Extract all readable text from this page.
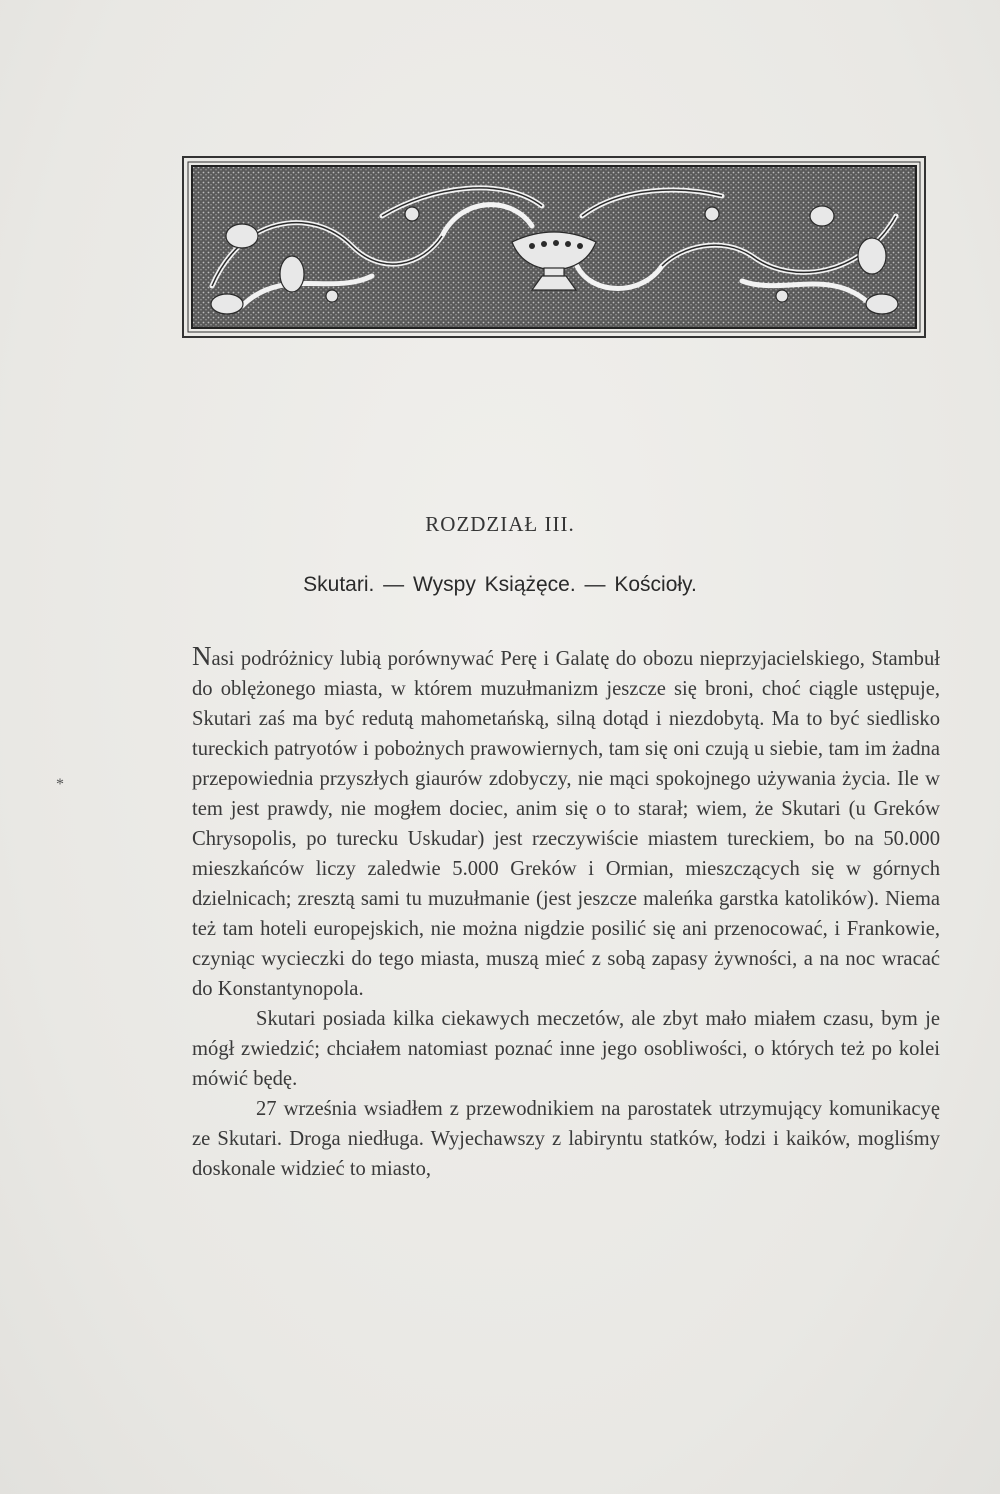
ROZDZIAŁ III.
Skutari. — Wyspy Książęce. — Kościoły.
*

Nasi podróżnicy lubią porównywać Perę i Galatę do obozu nieprzyjacielskiego, Stambuł do oblężonego miasta, w którem muzułmanizm jeszcze się broni, choć ciągle ustępuje, Skutari zaś ma być redutą mahometańską, silną dotąd i niezdobytą. Ma to być siedlisko tureckich patryotów i pobożnych prawowiernych, tam się oni czują u siebie, tam im żadna przepowiednia przyszłych giaurów zdobyczy, nie mąci spokojnego używania życia. Ile w tem jest prawdy, nie mogłem dociec, anim się o to starał; wiem, że Skutari (u Greków Chrysopolis, po turecku Uskudar) jest rzeczywiście miastem tureckiem, bo na 50.000 mieszkańców liczy zaledwie 5.000 Greków i Ormian, mieszczących się w górnych dzielnicach; zresztą sami tu muzułmanie (jest jeszcze maleńka garstka katolików). Niema też tam hoteli europejskich, nie można nigdzie posilić się ani przenocować, i Frankowie, czyniąc wycieczki do tego miasta, muszą mieć z sobą zapasy żywności, a na noc wracać do Konstantynopola.

Skutari posiada kilka ciekawych meczetów, ale zbyt mało miałem czasu, bym je mógł zwiedzić; chciałem natomiast poznać inne jego osobliwości, o których też po kolei mówić będę.

27 września wsiadłem z przewodnikiem na parostatek utrzymujący komunikacyę ze Skutari. Droga niedługa. Wyjechawszy z labiryntu statków, łodzi i kaików, mogliśmy doskonale widzieć to miasto,
